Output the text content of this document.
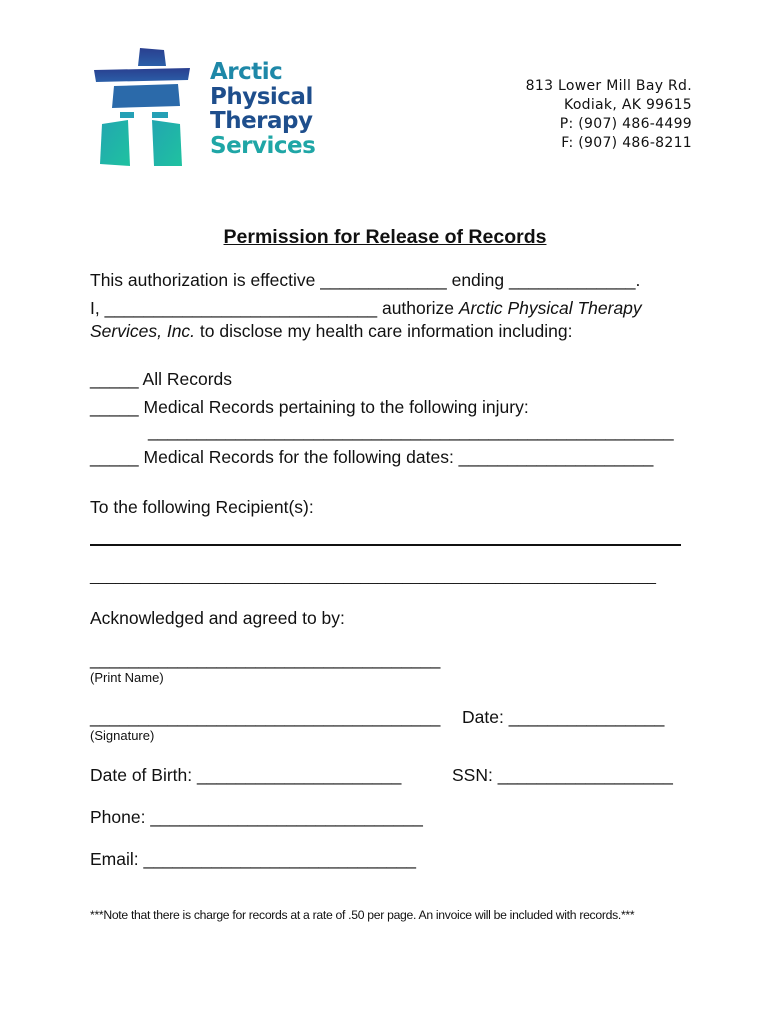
Arctic
Physical
Therapy
Services
813 Lower Mill Bay Rd.
Kodiak, AK 99615
P: (907) 486-4499
F: (907) 486-8211
Permission for Release of Records
This authorization is effective _____________ ending _____________.
I, ____________________________ authorize Arctic Physical Therapy
Services, Inc. to disclose my health care information including:
_____ All Records
_____ Medical Records pertaining to the following injury:
______________________________________________________
_____ Medical Records for the following dates: ____________________
To the following Recipient(s):
___________________________________________________________________
Acknowledged and agreed to by:
____________________________________
(Print Name)
____________________________________ Date: ________________
(Signature)
Date of Birth: _____________________	SSN: __________________
Phone: ____________________________
Email: ____________________________
***Note that there is charge for records at a rate of .50 per page. An invoice will be included with records.***
